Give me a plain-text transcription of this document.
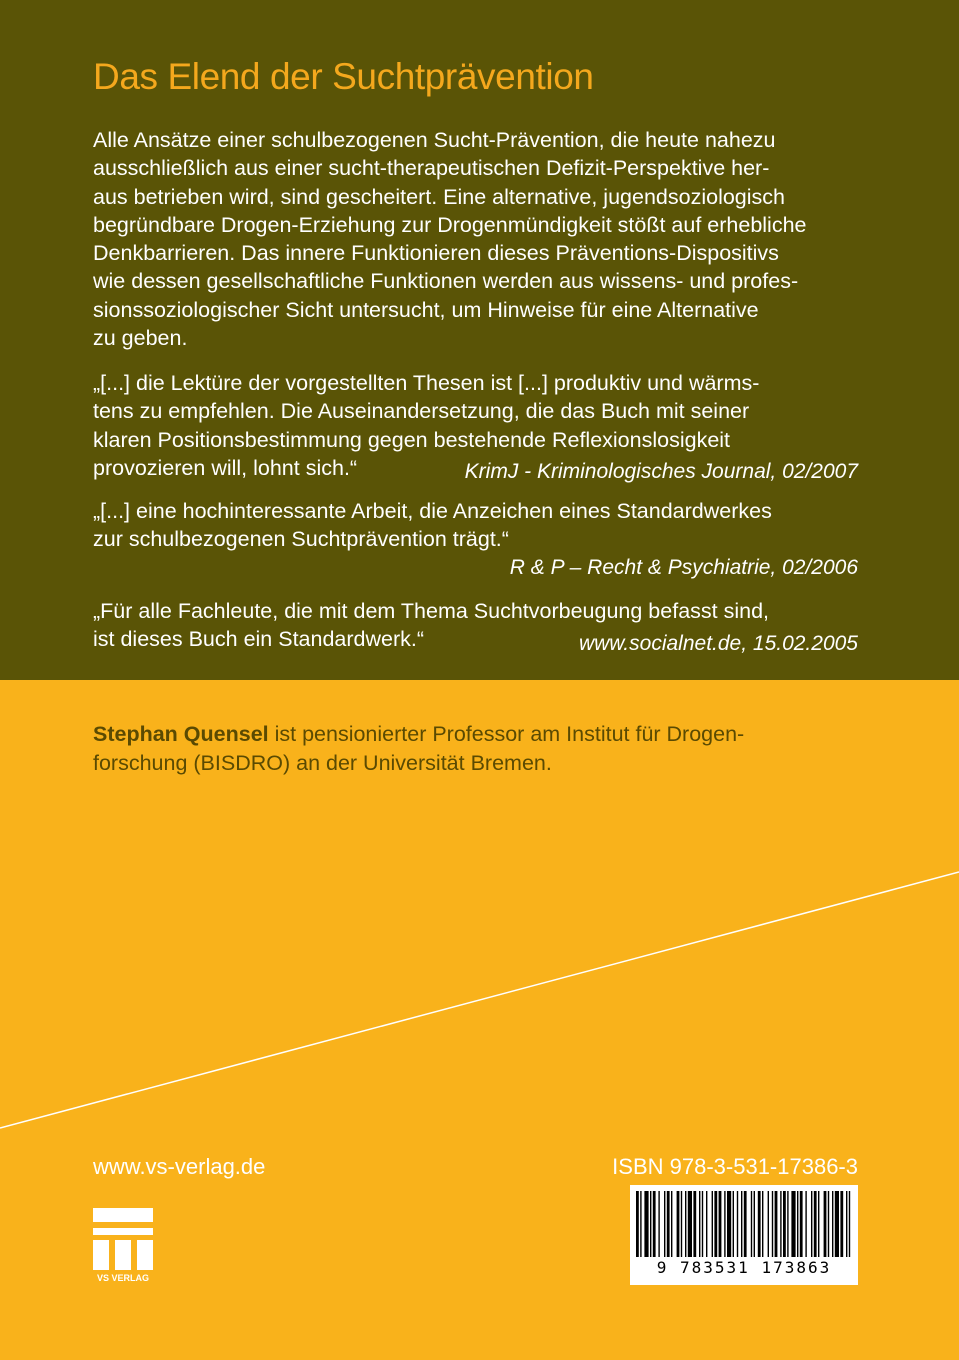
Das Elend der Suchtprävention
Alle Ansätze einer schulbezogenen Sucht-Prävention, die heute nahezu
ausschließlich aus einer sucht-therapeutischen Defizit-Perspektive her-
aus betrieben wird, sind gescheitert. Eine alternative, jugendsoziologisch
begründbare Drogen-Erziehung zur Drogenmündigkeit stößt auf erhebliche
Denkbarrieren. Das innere Funktionieren dieses Präventions-Dispositivs
wie dessen gesellschaftliche Funktionen werden aus wissens- und profes-
sionssoziologischer Sicht untersucht, um Hinweise für eine Alternative
zu geben.
„[...] die Lektüre der vorgestellten Thesen ist [...] produktiv und wärms-
tens zu empfehlen. Die Auseinandersetzung, die das Buch mit seiner
klaren Positionsbestimmung gegen bestehende Reflexionslosigkeit
provozieren will, lohnt sich.“	KrimJ - Kriminologisches Journal, 02/2007
„[...] eine hochinteressante Arbeit, die Anzeichen eines Standardwerkes
zur schulbezogenen Suchtprävention trägt.“
R & P – Recht & Psychiatrie, 02/2006
„Für alle Fachleute, die mit dem Thema Suchtvorbeugung befasst sind,
ist dieses Buch ein Standardwerk.“	www.socialnet.de, 15.02.2005
Stephan Quensel ist pensionierter Professor am Institut für Drogen-
forschung (BISDRO) an der Universität Bremen.
www.vs-verlag.de	ISBN 978-3-531-17386-3
VS VERLAG
9 783531 173863
